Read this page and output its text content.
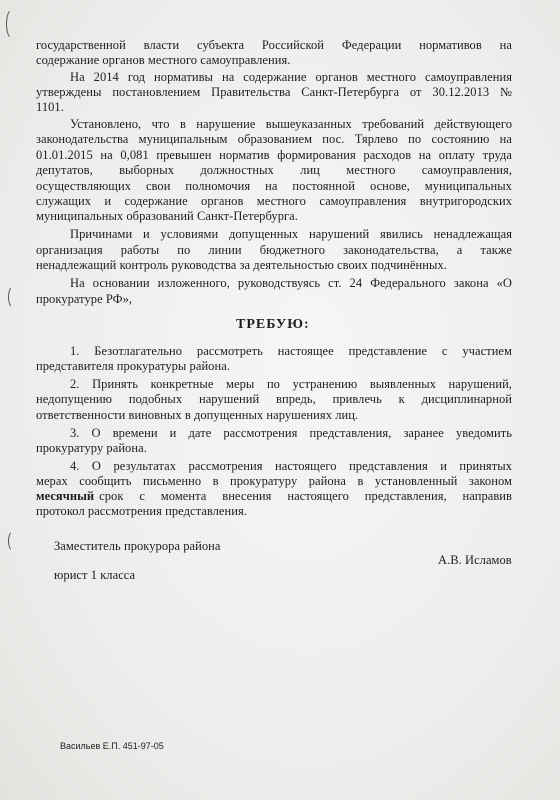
государственной власти субъекта Российской Федерации нормативов на
содержание органов местного самоуправления.
На 2014 год нормативы на содержание органов местного самоуправления
утверждены постановлением Правительства Санкт-Петербурга от 30.12.2013 №
1101.
Установлено, что в нарушение вышеуказанных требований действующего
законодательства муниципальным образованием пос. Тярлево по состоянию на
01.01.2015 на 0,081 превышен норматив формирования расходов на оплату труда
депутатов,       выборных       должностных       лиц       местного       самоуправления,
осуществляющих свои полномочия на постоянной основе, муниципальных
служащих и содержание органов местного самоуправления внутригородских
муниципальных образований Санкт-Петербурга.
Причинами и условиями допущенных нарушений явились ненадлежащая
организация работы по линии бюджетного законодательства, а также
ненадлежащий контроль руководства за деятельностью своих подчинённых.
На основании изложенного, руководствуясь ст. 24 Федерального закона «О
прокуратуре РФ»,
ТРЕБУЮ:
1. Безотлагательно рассмотреть настоящее представление с участием
представителя прокуратуры района.
2. Принять конкретные меры по устранению выявленных нарушений,
недопущению подобных нарушений впредь, привлечь к дисциплинарной
ответственности виновных в допущенных нарушениях лиц.
3. О времени и дате рассмотрения представления, заранее уведомить
прокуратуру района.
4. О результатах рассмотрения настоящего представления и принятых
мерах сообщить письменно в прокуратуру района в установленный законом
месячный срок с момента внесения настоящего представления, направив
протокол рассмотрения представления.
Заместитель прокурора района
А.В. Исламов
юрист 1 класса
Васильев Е.П. 451-97-05
